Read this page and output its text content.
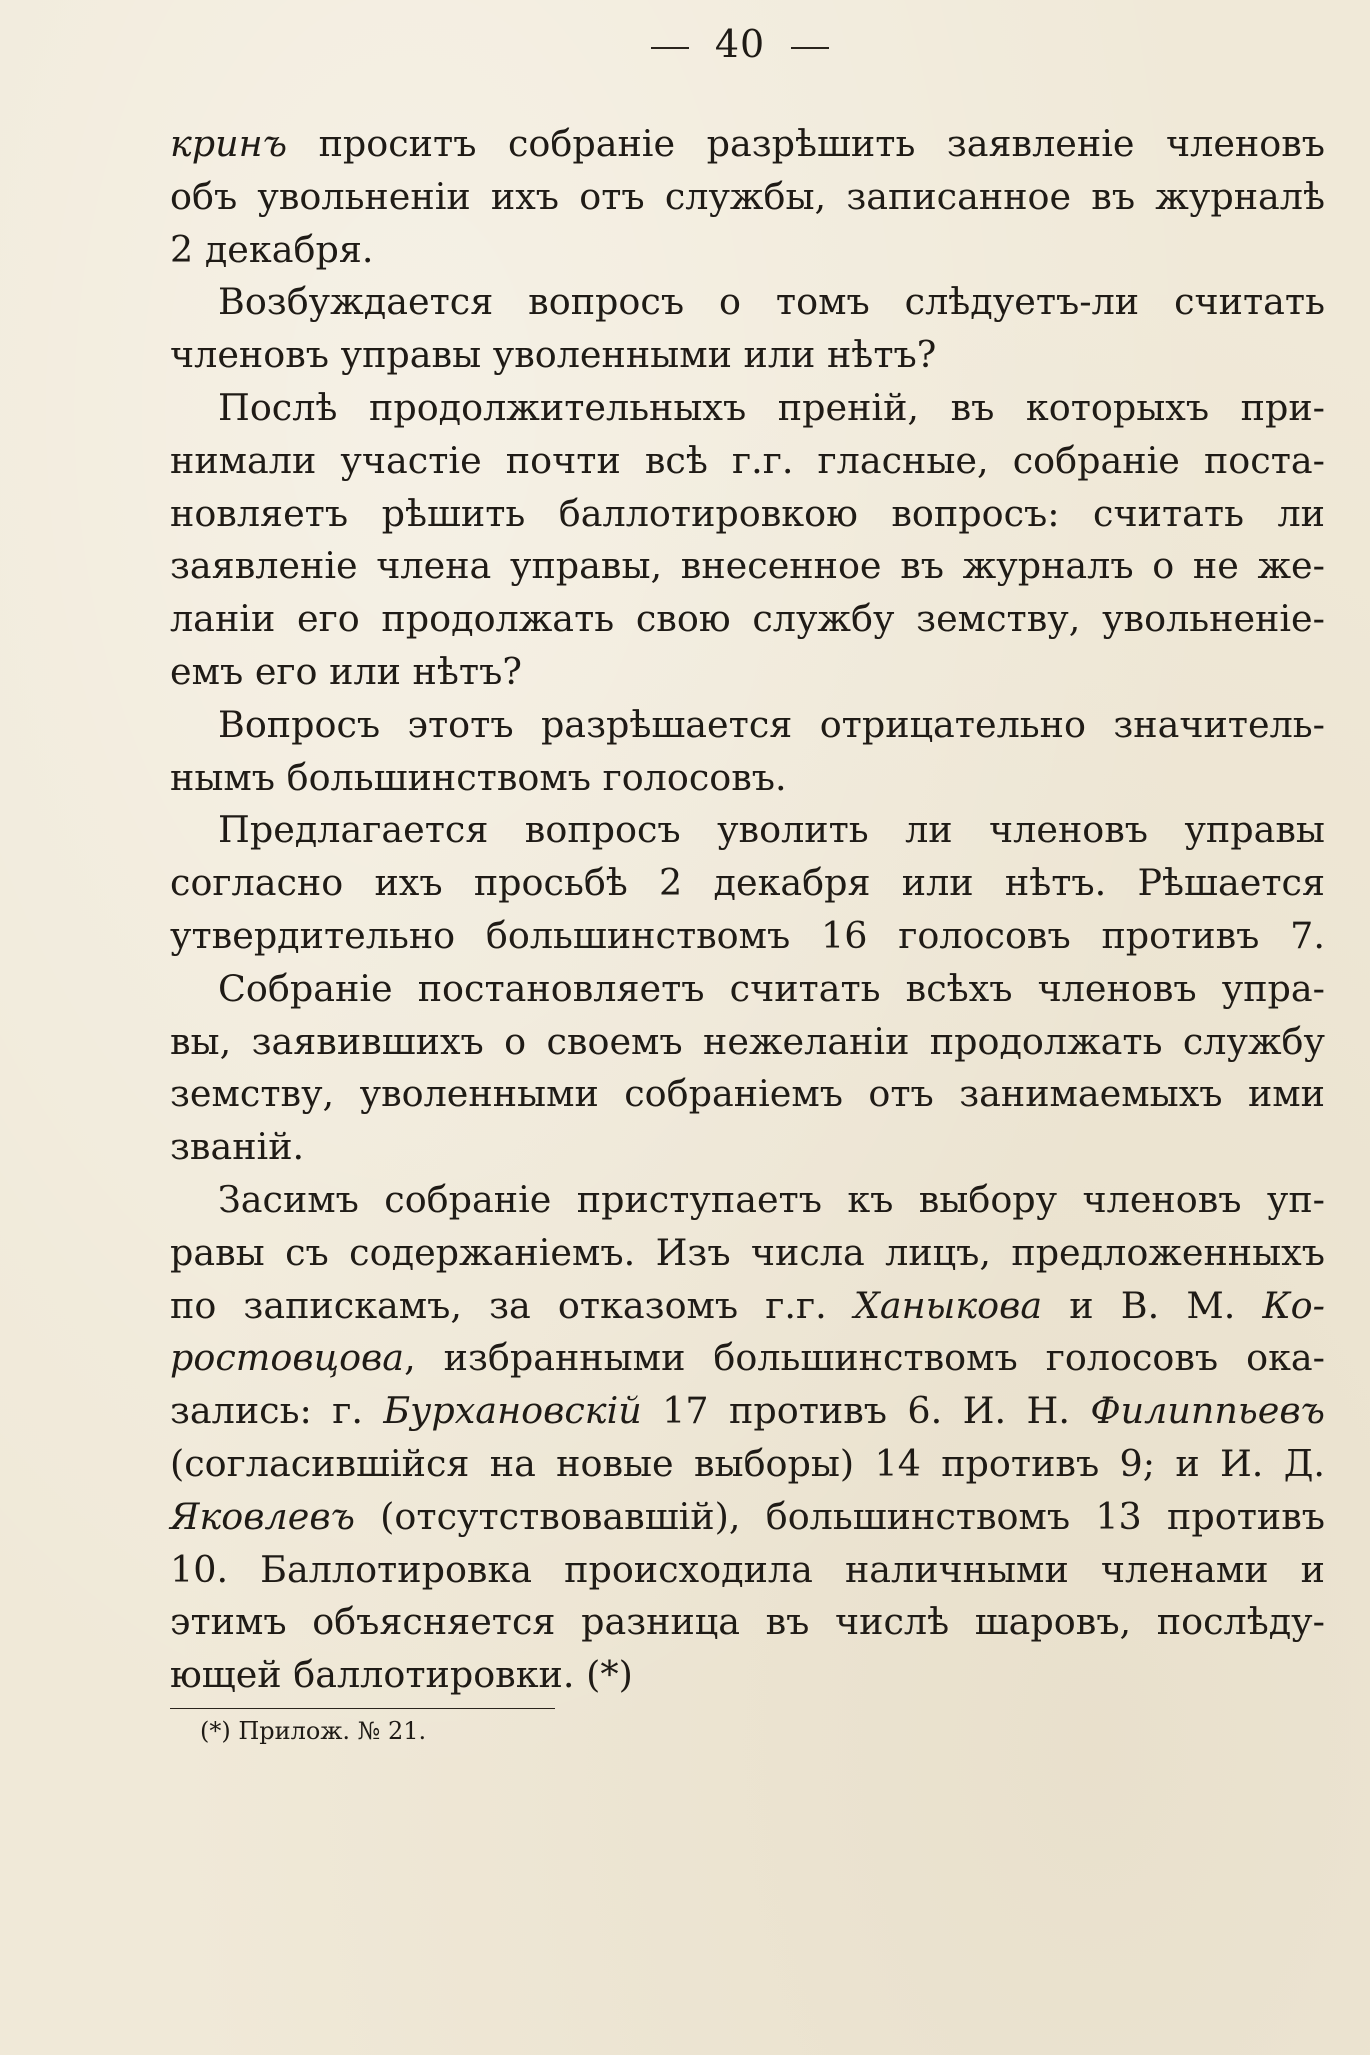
40
кринъ проситъ собраніе разрѣшить заявленіе членовъ
объ увольненіи ихъ отъ службы, записанное въ журналѣ
2 декабря.
Возбуждается вопросъ о томъ слѣдуетъ-ли считать
членовъ управы уволенными или нѣтъ?
Послѣ продолжительныхъ преній, въ которыхъ при-
нимали участіе почти всѣ г.г. гласные, собраніе поста-
новляетъ рѣшить баллотировкою вопросъ: считать ли
заявленіе члена управы, внесенное въ журналъ о не же-
ланіи его продолжать свою службу земству, увольненіе-
емъ его или нѣтъ?
Вопросъ этотъ разрѣшается отрицательно значитель-
нымъ большинствомъ голосовъ.
Предлагается вопросъ уволить ли членовъ управы
согласно ихъ просьбѣ 2 декабря или нѣтъ. Рѣшается
утвердительно большинствомъ 16 голосовъ противъ 7.
Собраніе постановляетъ считать всѣхъ членовъ упра-
вы, заявившихъ о своемъ нежеланіи продолжать службу
земству, уволенными собраніемъ отъ занимаемыхъ ими
званій.
Засимъ собраніе приступаетъ къ выбору членовъ уп-
равы съ содержаніемъ. Изъ числа лицъ, предложенныхъ
по запискамъ, за отказомъ г.г. Ханыкова и В. М. Ко-
ростовцова, избранными большинствомъ голосовъ ока-
зались: г. Бурхановскій 17 противъ 6. И. Н. Филиппьевъ
(согласившійся на новые выборы) 14 противъ 9; и И. Д.
Яковлевъ (отсутствовавшій), большинствомъ 13 противъ
10. Баллотировка происходила наличными членами и
этимъ объясняется разница въ числѣ шаровъ, послѣду-
ющей баллотировки. (*)
(*) Прилож. № 21.
